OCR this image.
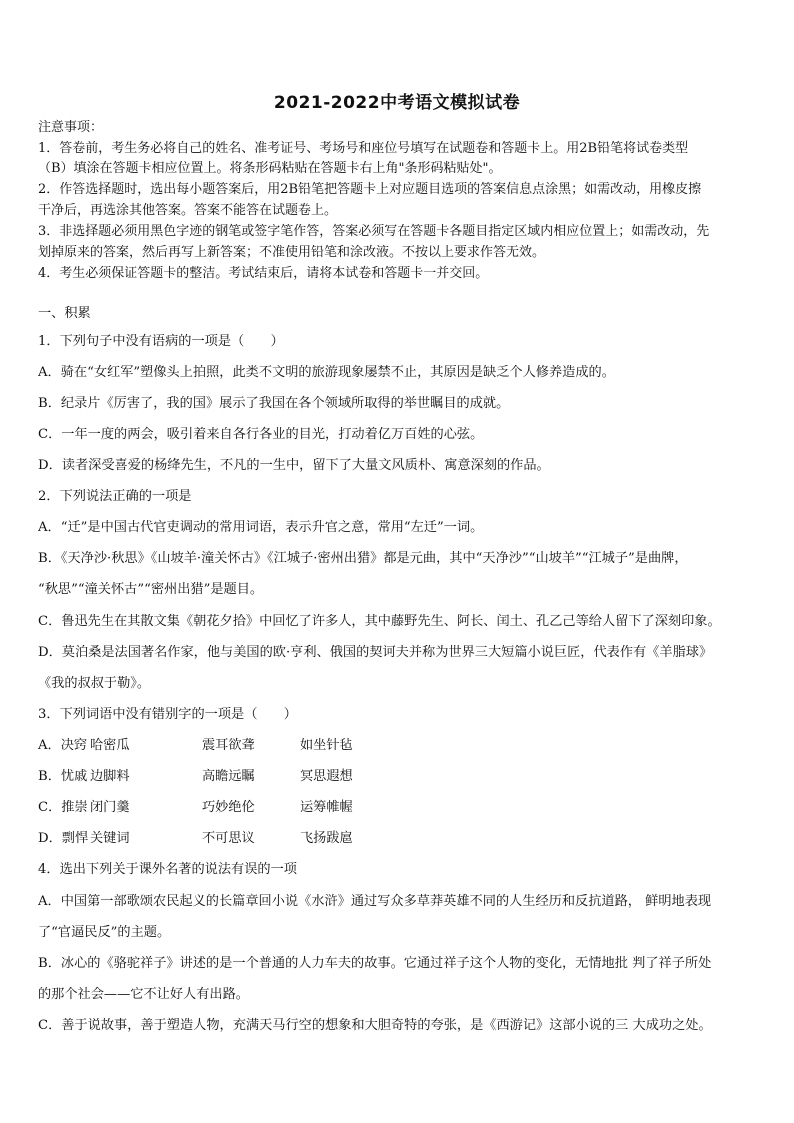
2021-2022中考语文模拟试卷
注意事项：
1．答卷前，考生务必将自己的姓名、准考证号、考场号和座位号填写在试题卷和答题卡上。用2B铅笔将试卷类型
（B）填涂在答题卡相应位置上。将条形码粘贴在答题卡右上角"条形码粘贴处"。
2．作答选择题时，选出每小题答案后，用2B铅笔把答题卡上对应题目选项的答案信息点涂黑；如需改动，用橡皮擦
干净后，再选涂其他答案。答案不能答在试题卷上。
3．非选择题必须用黑色字迹的钢笔或签字笔作答，答案必须写在答题卡各题目指定区域内相应位置上；如需改动，先
划掉原来的答案，然后再写上新答案；不准使用铅笔和涂改液。不按以上要求作答无效。
4．考生必须保证答题卡的整洁。考试结束后，请将本试卷和答题卡一并交回。
一、积累
1．下列句子中没有语病的一项是（　　）
A．骑在“女红军”塑像头上拍照，此类不文明的旅游现象屡禁不止，其原因是缺乏个人修养造成的。
B．纪录片《厉害了，我的国》展示了我国在各个领域所取得的举世瞩目的成就。
C．一年一度的两会，吸引着来自各行各业的目光，打动着亿万百姓的心弦。
D．读者深受喜爱的杨绛先生，不凡的一生中，留下了大量文风质朴、寓意深刻的作品。
2．下列说法正确的一项是
A．“迁”是中国古代官吏调动的常用词语，表示升官之意，常用“左迁”一词。
B．《天净沙·秋思》《山坡羊·潼关怀古》《江城子·密州出猎》都是元曲，其中“天净沙”“山坡羊”“江城子”是曲牌，
“秋思”“潼关怀古”“密州出猎”是题目。
C．鲁迅先生在其散文集《朝花夕拾》中回忆了许多人，其中藤野先生、阿长、闰土、孔乙己等给人留下了深刻印象。
D．莫泊桑是法国著名作家，他与美国的欧·亨利、俄国的契诃夫并称为世界三大短篇小说巨匠，代表作有《羊脂球》
《我的叔叔于勒》。
3．下列词语中没有错别字的一项是（　　）
A．决窍 哈密瓜	震耳欲聋	如坐针毡
B．忧戚 边脚料	高瞻远瞩	冥思遐想
C．推崇 闭门羹	巧妙绝伦	运筹帷幄
D．剽悍 关键词	不可思议	飞扬跋扈
4．选出下列关于课外名著的说法有误的一项
A．中国第一部歌颂农民起义的长篇章回小说《水浒》通过写众多草莽英雄不同的人生经历和反抗道路， 鲜明地表现
了“官逼民反”的主题。
B．冰心的《骆驼祥子》讲述的是一个普通的人力车夫的故事。它通过祥子这个人物的变化，无情地批 判了祥子所处
的那个社会——它不让好人有出路。
C．善于说故事，善于塑造人物，充满天马行空的想象和大胆奇特的夸张，是《西游记》这部小说的三 大成功之处。
